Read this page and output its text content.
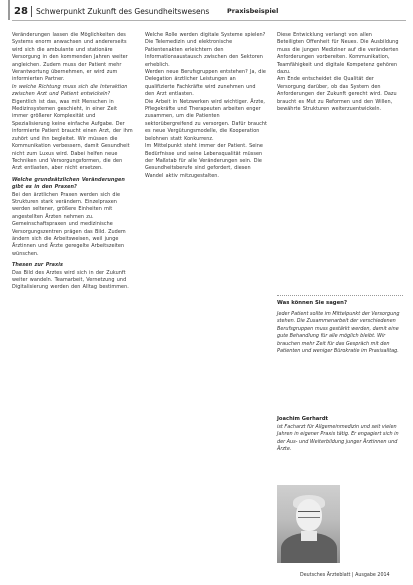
28 Schwerpunkt Zukunft des Gesundheitswesens	Praxisbeispiel

Veränderungen lassen die Möglichkeiten des Systems enorm anwachsen und andererseits wird sich die ambulante und stationäre Versorgung in den kommenden Jahren weiter angleichen. Zudem muss der Patient mehr Verantwortung übernehmen, er wird zum informierten Partner.

In welche Richtung muss sich die Interaktion zwischen Arzt und Patient entwickeln?

Eigentlich ist das, was mit Menschen in Medizinsystemen geschieht, in einer Zeit immer größerer Komplexität und Spezialisierung keine einfache Aufgabe. Der informierte Patient braucht einen Arzt, der ihm zuhört und ihn begleitet. Wir müssen die Kommunikation verbessern, damit Gesundheit nicht zum Luxus wird. Dabei helfen neue Techniken und Versorgungsformen, die den Arzt entlasten, aber nicht ersetzen.

Welche grundsätzlichen Veränderungen gibt es in den Praxen?

Bei den ärztlichen Praxen werden sich die Strukturen stark verändern. Einzelpraxen werden seltener, größere Einheiten mit angestellten Ärzten nehmen zu. Gemeinschaftspraxen und medizinische Versorgungszentren prägen das Bild. Zudem ändern sich die Arbeitsweisen, weil junge Ärztinnen und Ärzte geregelte Arbeitszeiten wünschen.

Thesen zur Praxis

Das Bild des Arztes wird sich in der Zukunft weiter wandeln. Teamarbeit, Vernetzung und Digitalisierung werden den Alltag bestimmen.

Welche Rolle werden digitale Systeme spielen? Die Telemedizin und elektronische Patientenakten erleichtern den Informationsaustausch zwischen den Sektoren erheblich.

Werden neue Berufsgruppen entstehen? Ja, die Delegation ärztlicher Leistungen an qualifizierte Fachkräfte wird zunehmen und den Arzt entlasten.

Die Arbeit in Netzwerken wird wichtiger. Ärzte, Pflegekräfte und Therapeuten arbeiten enger zusammen, um die Patienten sektorübergreifend zu versorgen. Dafür braucht es neue Vergütungsmodelle, die Kooperation belohnen statt Konkurrenz.

Im Mittelpunkt steht immer der Patient. Seine Bedürfnisse und seine Lebensqualität müssen der Maßstab für alle Veränderungen sein. Die Gesundheitsberufe sind gefordert, diesen Wandel aktiv mitzugestalten.

Diese Entwicklung verlangt von allen Beteiligten Offenheit für Neues. Die Ausbildung muss die jungen Mediziner auf die veränderten Anforderungen vorbereiten. Kommunikation, Teamfähigkeit und digitale Kompetenz gehören dazu.

Am Ende entscheidet die Qualität der Versorgung darüber, ob das System den Anforderungen der Zukunft gerecht wird. Dazu braucht es Mut zu Reformen und den Willen, bewährte Strukturen weiterzuentwickeln.

Was können Sie sagen?
Jeder Patient sollte im Mittelpunkt der Versorgung stehen. Die Zusammenarbeit der verschiedenen Berufsgruppen muss gestärkt werden, damit eine gute Behandlung für alle möglich bleibt. Wir brauchen mehr Zeit für das Gespräch mit den Patienten und weniger Bürokratie im Praxisalltag.
Joachim Gerhardt
ist Facharzt für Allgemeinmedizin und seit vielen Jahren in eigener Praxis tätig. Er engagiert sich in der Aus- und Weiterbildung junger Ärztinnen und Ärzte.
Deutsches Ärzteblatt | Ausgabe 2014
